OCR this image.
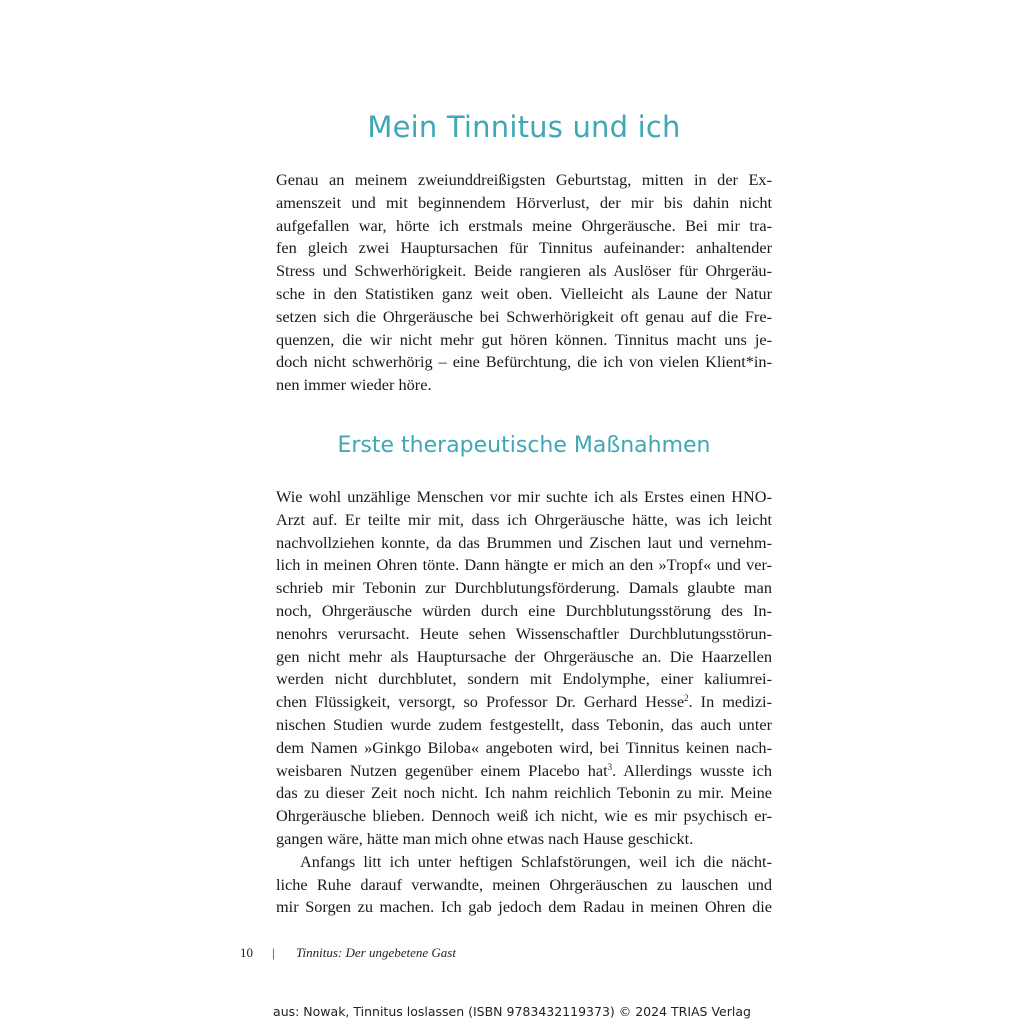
Mein Tinnitus und ich
Genau an meinem zweiunddreißigsten Geburtstag, mitten in der Ex-
amenszeit und mit beginnendem Hörverlust, der mir bis dahin nicht
aufgefallen war, hörte ich erstmals meine Ohrgeräusche. Bei mir tra-
fen gleich zwei Hauptursachen für Tinnitus aufeinander: anhaltender
Stress und Schwerhörigkeit. Beide rangieren als Auslöser für Ohrgeräu-
sche in den Statistiken ganz weit oben. Vielleicht als Laune der Natur
setzen sich die Ohrgeräusche bei Schwerhörigkeit oft genau auf die Fre-
quenzen, die wir nicht mehr gut hören können. Tinnitus macht uns je-
doch nicht schwerhörig – eine Befürchtung, die ich von vielen Klient*in-
nen immer wieder höre.
Erste therapeutische Maßnahmen
Wie wohl unzählige Menschen vor mir suchte ich als Erstes einen HNO-
Arzt auf. Er teilte mir mit, dass ich Ohrgeräusche hätte, was ich leicht
nachvollziehen konnte, da das Brummen und Zischen laut und vernehm-
lich in meinen Ohren tönte. Dann hängte er mich an den »Tropf« und ver-
schrieb mir Tebonin zur Durchblutungsförderung. Damals glaubte man
noch, Ohrgeräusche würden durch eine Durchblutungsstörung des In-
nenohrs verursacht. Heute sehen Wissenschaftler Durchblutungsstörun-
gen nicht mehr als Hauptursache der Ohrgeräusche an. Die Haarzellen
werden nicht durchblutet, sondern mit Endolymphe, einer kaliumrei-
chen Flüssigkeit, versorgt, so Professor Dr. Gerhard Hesse$^2$. In medizi-
nischen Studien wurde zudem festgestellt, dass Tebonin, das auch unter
dem Namen »Ginkgo Biloba« angeboten wird, bei Tinnitus keinen nach-
weisbaren Nutzen gegenüber einem Placebo hat$^3$. Allerdings wusste ich
das zu dieser Zeit noch nicht. Ich nahm reichlich Tebonin zu mir. Meine
Ohrgeräusche blieben. Dennoch weiß ich nicht, wie es mir psychisch er-
gangen wäre, hätte man mich ohne etwas nach Hause geschickt.
Anfangs litt ich unter heftigen Schlafstörungen, weil ich die nächt-
liche Ruhe darauf verwandte, meinen Ohrgeräuschen zu lauschen und
mir Sorgen zu machen. Ich gab jedoch dem Radau in meinen Ohren die
10	|	Tinnitus: Der ungebetene Gast
aus: Nowak, Tinnitus loslassen (ISBN 9783432119373) © 2024 TRIAS Verlag
